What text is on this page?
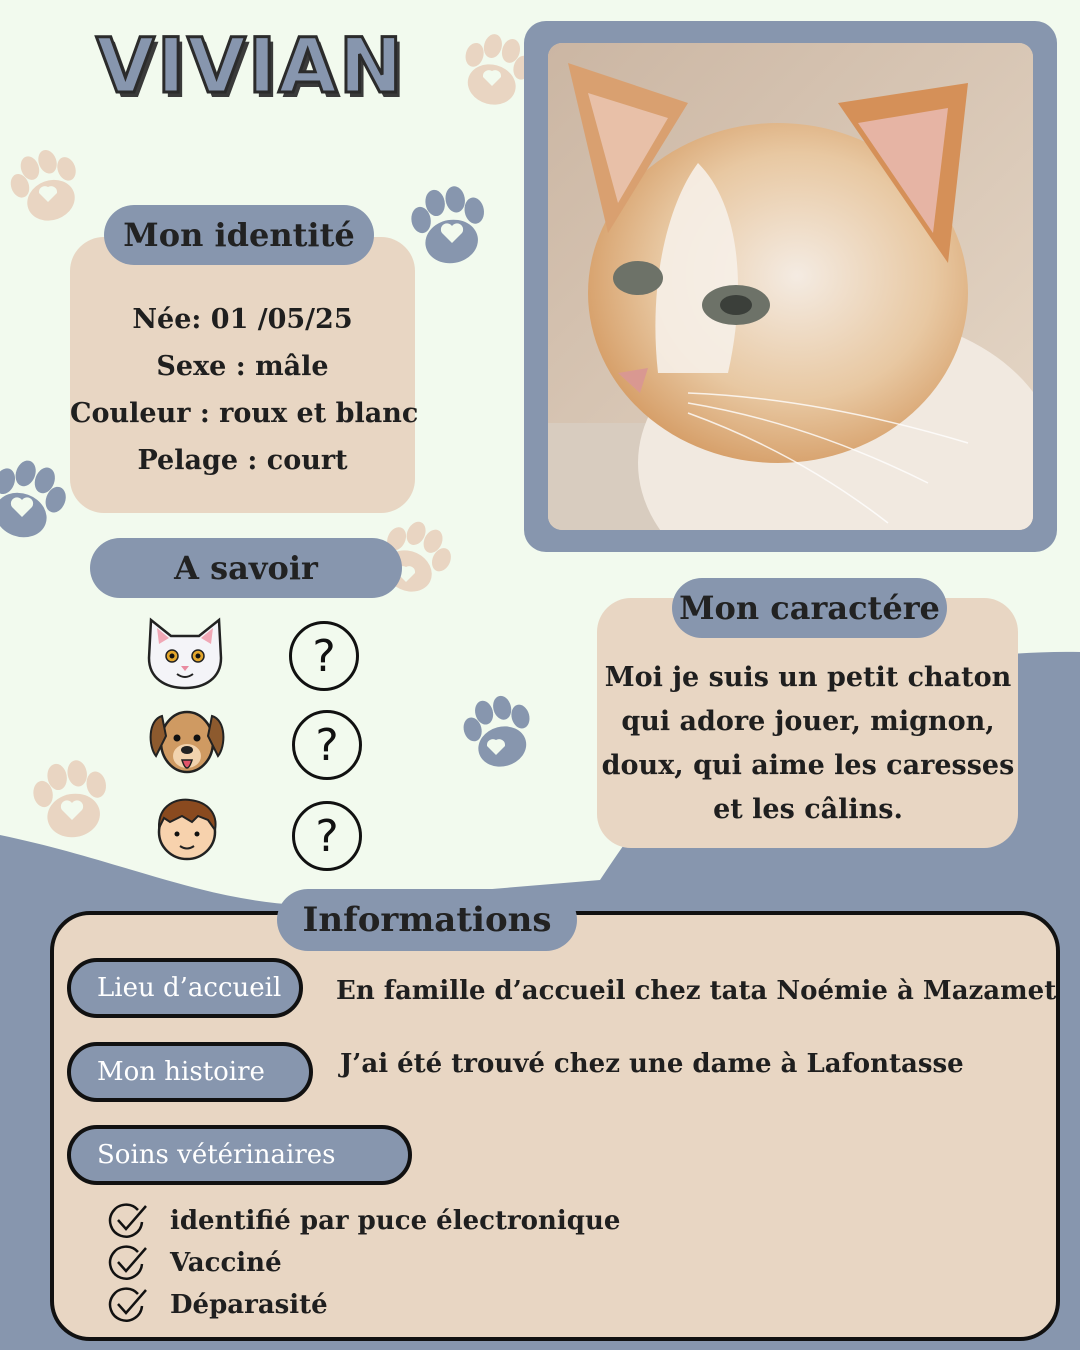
VIVIAN
Mon identité
Née: 01 /05/25
Sexe : mâle
Couleur : roux et blanc
Pelage : court
A savoir
?
?
?
Mon caractére
Moi je suis un petit chaton
qui adore jouer, mignon,
doux, qui aime les caresses
et les câlins.
Informations
Lieu d’accueil	En famille d’accueil chez tata Noémie à Mazamet
Mon histoire	J’ai été trouvé chez une dame à Lafontasse
Soins vétérinaires
identifié par puce électronique
Vacciné
Déparasité
